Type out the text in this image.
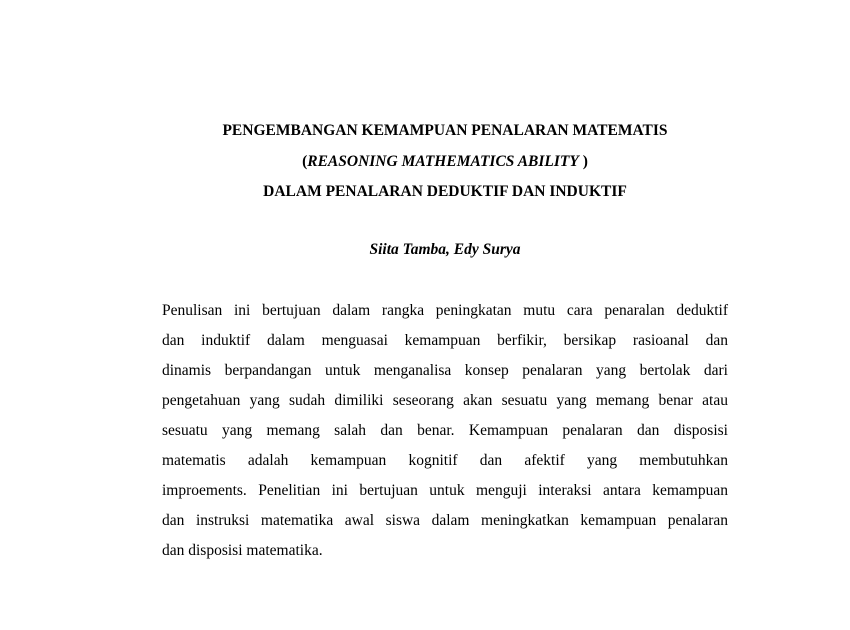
PENGEMBANGAN KEMAMPUAN PENALARAN MATEMATIS
(REASONING MATHEMATICS ABILITY )
DALAM PENALARAN DEDUKTIF DAN INDUKTIF
Siita Tamba, Edy Surya
Penulisan ini bertujuan dalam rangka peningkatan mutu cara penaralan deduktif
dan induktif dalam menguasai kemampuan berfikir, bersikap rasioanal dan
dinamis berpandangan untuk menganalisa konsep penalaran yang bertolak dari
pengetahuan yang sudah dimiliki seseorang akan sesuatu yang memang benar atau
sesuatu yang memang salah dan benar. Kemampuan penalaran dan disposisi
matematis adalah kemampuan kognitif dan afektif yang membutuhkan
improements. Penelitian ini bertujuan untuk menguji interaksi antara kemampuan
dan instruksi matematika awal siswa dalam meningkatkan kemampuan penalaran
dan disposisi matematika.
